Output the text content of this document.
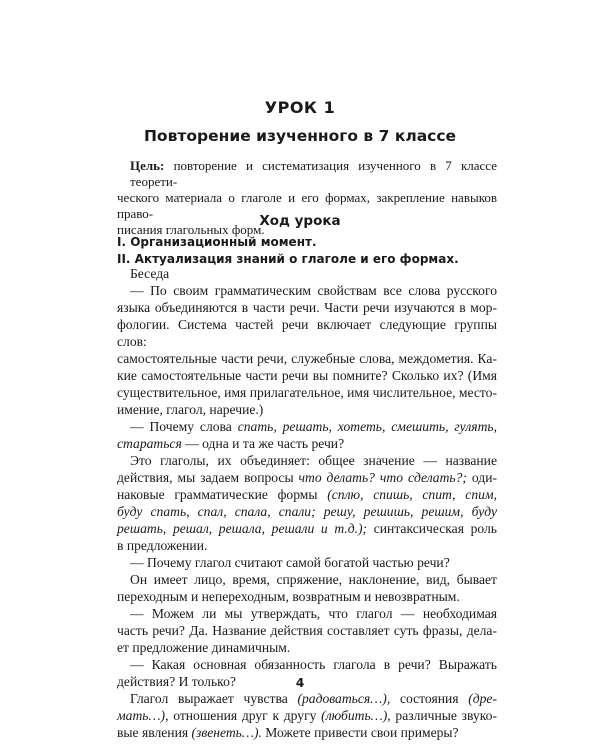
УРОК 1
Повторение изученного в 7 классе
Цель: повторение и систематизация изученного в 7 классе теорети-
ческого материала о глаголе и его формах, закрепление навыков право-
писания глагольных форм.
Ход урока
I. Организационный момент.
II. Актуализация знаний о глаголе и его формах.
Беседа
— По своим грамматическим свойствам все слова русского
языка объединяются в части речи. Части речи изучаются в мор-
фологии. Система частей речи включает следующие группы слов:
самостоятельные части речи, служебные слова, междометия. Ка-
кие самостоятельные части речи вы помните? Сколько их? (Имя
существительное, имя прилагательное, имя числительное, место-
имение, глагол, наречие.)
— Почему слова спать, решать, хотеть, смешить, гулять,
стараться — одна и та же часть речи?
Это глаголы, их объединяет: общее значение — название
действия, мы задаем вопросы что делать? что сделать?; оди-
наковые грамматические формы (сплю, спишь, спит, спим,
буду спать, спал, спала, спали; решу, решишь, решим, буду
решать, решал, решала, решали и т.д.); синтаксическая роль
в предложении.
— Почему глагол считают самой богатой частью речи?
Он имеет лицо, время, спряжение, наклонение, вид, бывает
переходным и непереходным, возвратным и невозвратным.
— Можем ли мы утверждать, что глагол — необходимая
часть речи? Да. Название действия составляет суть фразы, дела-
ет предложение динамичным.
— Какая основная обязанность глагола в речи? Выражать
действия? И только?
Глагол выражает чувства (радоваться…), состояния (дре-
мать…), отношения друг к другу (любить…), различные звуко-
вые явления (звенеть…). Можете привести свои примеры?
4
